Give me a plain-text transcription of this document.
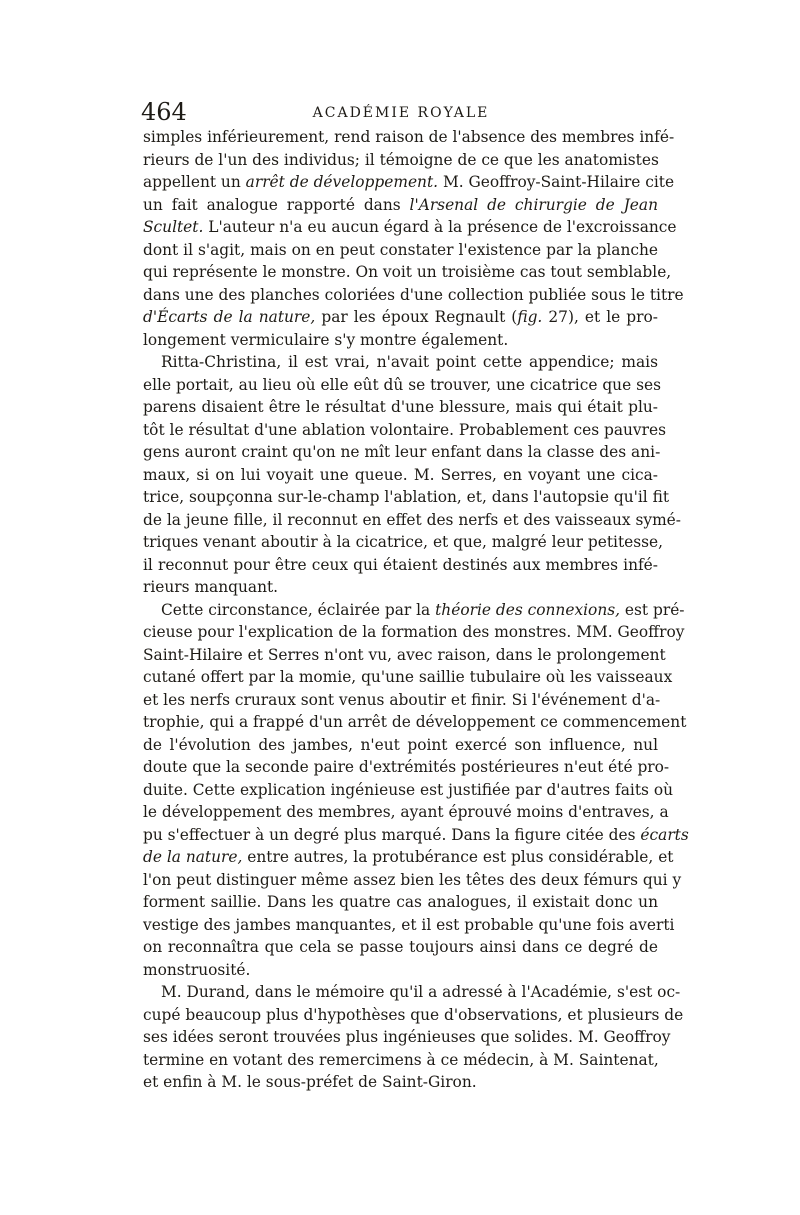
464	ACADÉMIE ROYALE
simples inférieurement, rend raison de l'absence des membres infé-
rieurs de l'un des individus; il témoigne de ce que les anatomistes
appellent un arrêt de développement. M. Geoffroy-Saint-Hilaire cite
un fait analogue rapporté dans l'Arsenal de chirurgie de Jean
Scultet. L'auteur n'a eu aucun égard à la présence de l'excroissance
dont il s'agit, mais on en peut constater l'existence par la planche
qui représente le monstre. On voit un troisième cas tout semblable,
dans une des planches coloriées d'une collection publiée sous le titre
d'Écarts de la nature, par les époux Regnault (fig. 27), et le pro-
longement vermiculaire s'y montre également.
Ritta-Christina, il est vrai, n'avait point cette appendice; mais
elle portait, au lieu où elle eût dû se trouver, une cicatrice que ses
parens disaient être le résultat d'une blessure, mais qui était plu-
tôt le résultat d'une ablation volontaire. Probablement ces pauvres
gens auront craint qu'on ne mît leur enfant dans la classe des ani-
maux, si on lui voyait une queue. M. Serres, en voyant une cica-
trice, soupçonna sur-le-champ l'ablation, et, dans l'autopsie qu'il fit
de la jeune fille, il reconnut en effet des nerfs et des vaisseaux symé-
triques venant aboutir à la cicatrice, et que, malgré leur petitesse,
il reconnut pour être ceux qui étaient destinés aux membres infé-
rieurs manquant.
Cette circonstance, éclairée par la théorie des connexions, est pré-
cieuse pour l'explication de la formation des monstres. MM. Geoffroy
Saint-Hilaire et Serres n'ont vu, avec raison, dans le prolongement
cutané offert par la momie, qu'une saillie tubulaire où les vaisseaux
et les nerfs cruraux sont venus aboutir et finir. Si l'événement d'a-
trophie, qui a frappé d'un arrêt de développement ce commencement
de l'évolution des jambes, n'eut point exercé son influence, nul
doute que la seconde paire d'extrémités postérieures n'eut été pro-
duite. Cette explication ingénieuse est justifiée par d'autres faits où
le développement des membres, ayant éprouvé moins d'entraves, a
pu s'effectuer à un degré plus marqué. Dans la figure citée des écarts
de la nature, entre autres, la protubérance est plus considérable, et
l'on peut distinguer même assez bien les têtes des deux fémurs qui y
forment saillie. Dans les quatre cas analogues, il existait donc un
vestige des jambes manquantes, et il est probable qu'une fois averti
on reconnaîtra que cela se passe toujours ainsi dans ce degré de
monstruosité.
M. Durand, dans le mémoire qu'il a adressé à l'Académie, s'est oc-
cupé beaucoup plus d'hypothèses que d'observations, et plusieurs de
ses idées seront trouvées plus ingénieuses que solides. M. Geoffroy
termine en votant des remercimens à ce médecin, à M. Saintenat,
et enfin à M. le sous-préfet de Saint-Giron.
